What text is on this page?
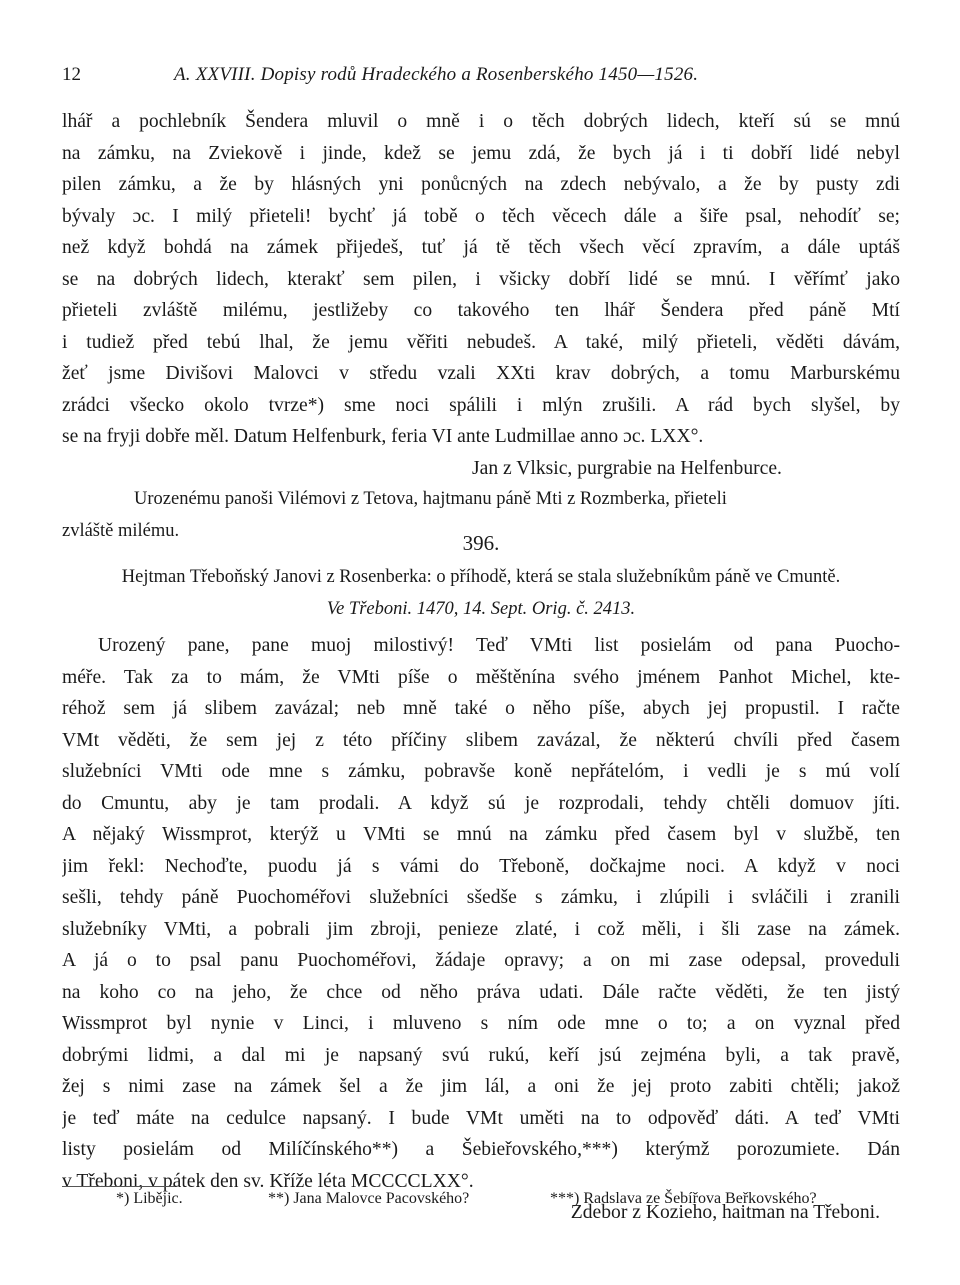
12	A. XXVIII. Dopisy rodů Hradeckého a Rosenberského 1450—1526.
lhář a pochlebník Šendera mluvil o mně i o těch dobrých lidech, kteří sú se mnú
na zámku, na Zviekově i jinde, kdež se jemu zdá, že bych já i ti dobří lidé nebyl
pilen zámku, a že by hlásných yni ponůcných na zdech nebývalo, a že by pusty zdi
bývaly ɔc. I milý přieteli! bychť já tobě o těch věcech dále a šiře psal, nehodíť se;
než když bohdá na zámek přijedeš, tuť já tě těch všech věcí zpravím, a dále uptáš
se na dobrých lidech, kterakť sem pilen, i všicky dobří lidé se mnú. I věřímť jako
přieteli zvláště milému, jestližeby co takového ten lhář Šendera před páně Mtí
i tudiež před tebú lhal, že jemu věřiti nebudeš. A také, milý přieteli, věděti dávám,
žeť jsme Divišovi Malovci v středu vzali XXti krav dobrých, a tomu Marburskému
zrádci všecko okolo tvrze*) sme noci spálili i mlýn zrušili. A rád bych slyšel, by
se na fryji dobře měl. Datum Helfenburk, feria VI ante Ludmillae anno ɔc. LXX°.
Jan z Vlksic, purgrabie na Helfenburce.
Urozenému panoši Vilémovi z Tetova, hajtmanu páně Mti z Rozmberka, přieteli
zvláště milému.
396.
Hejtman Třeboňský Janovi z Rosenberka: o příhodě, která se stala služebníkům páně ve Cmuntě.
Ve Třeboni. 1470, 14. Sept. Orig. č. 2413.
Urozený pane, pane muoj milostivý! Teď VMti list posielám od pana Puocho-
méře. Tak za to mám, že VMti píše o měštěnína svého jménem Panhot Michel, kte-
réhož sem já slibem zavázal; neb mně také o něho píše, abych jej propustil. I račte
VMt věděti, že sem jej z této příčiny slibem zavázal, že některú chvíli před časem
služebníci VMti ode mne s zámku, pobravše koně nepřátelóm, i vedli je s mú volí
do Cmuntu, aby je tam prodali. A když sú je rozprodali, tehdy chtěli domuov jíti.
A nějaký Wissmprot, kterýž u VMti se mnú na zámku před časem byl v službě, ten
jim řekl: Nechoďte, puodu já s vámi do Třeboně, dočkajme noci. A když v noci
sešli, tehdy páně Puochoméřovi služebníci sšedše s zámku, i zlúpili i svláčili i zranili
služebníky VMti, a pobrali jim zbroji, penieze zlaté, i což měli, i šli zase na zámek.
A já o to psal panu Puochoméřovi, žádaje opravy; a on mi zase odepsal, proveduli
na koho co na jeho, že chce od něho práva udati. Dále račte věděti, že ten jistý
Wissmprot byl nynie v Linci, i mluveno s ním ode mne o to; a on vyznal před
dobrými lidmi, a dal mi je napsaný svú rukú, keří jsú zejména byli, a tak pravě,
žej s nimi zase na zámek šel a že jim lál, a oni že jej proto zabiti chtěli; jakož
je teď máte na cedulce napsaný. I bude VMt uměti na to odpověď dáti. A teď VMti
listy posielám od Milíčínského**) a Šebieřovského,***) kterýmž porozumiete. Dán
v Třeboni, v pátek den sv. Kříže léta MCCCCLXX°.
Zdebor z Kozieho, haitman na Třeboni.
*) Libějic.	**) Jana Malovce Pacovského?	***) Radslava ze Šebířova Beřkovského?
